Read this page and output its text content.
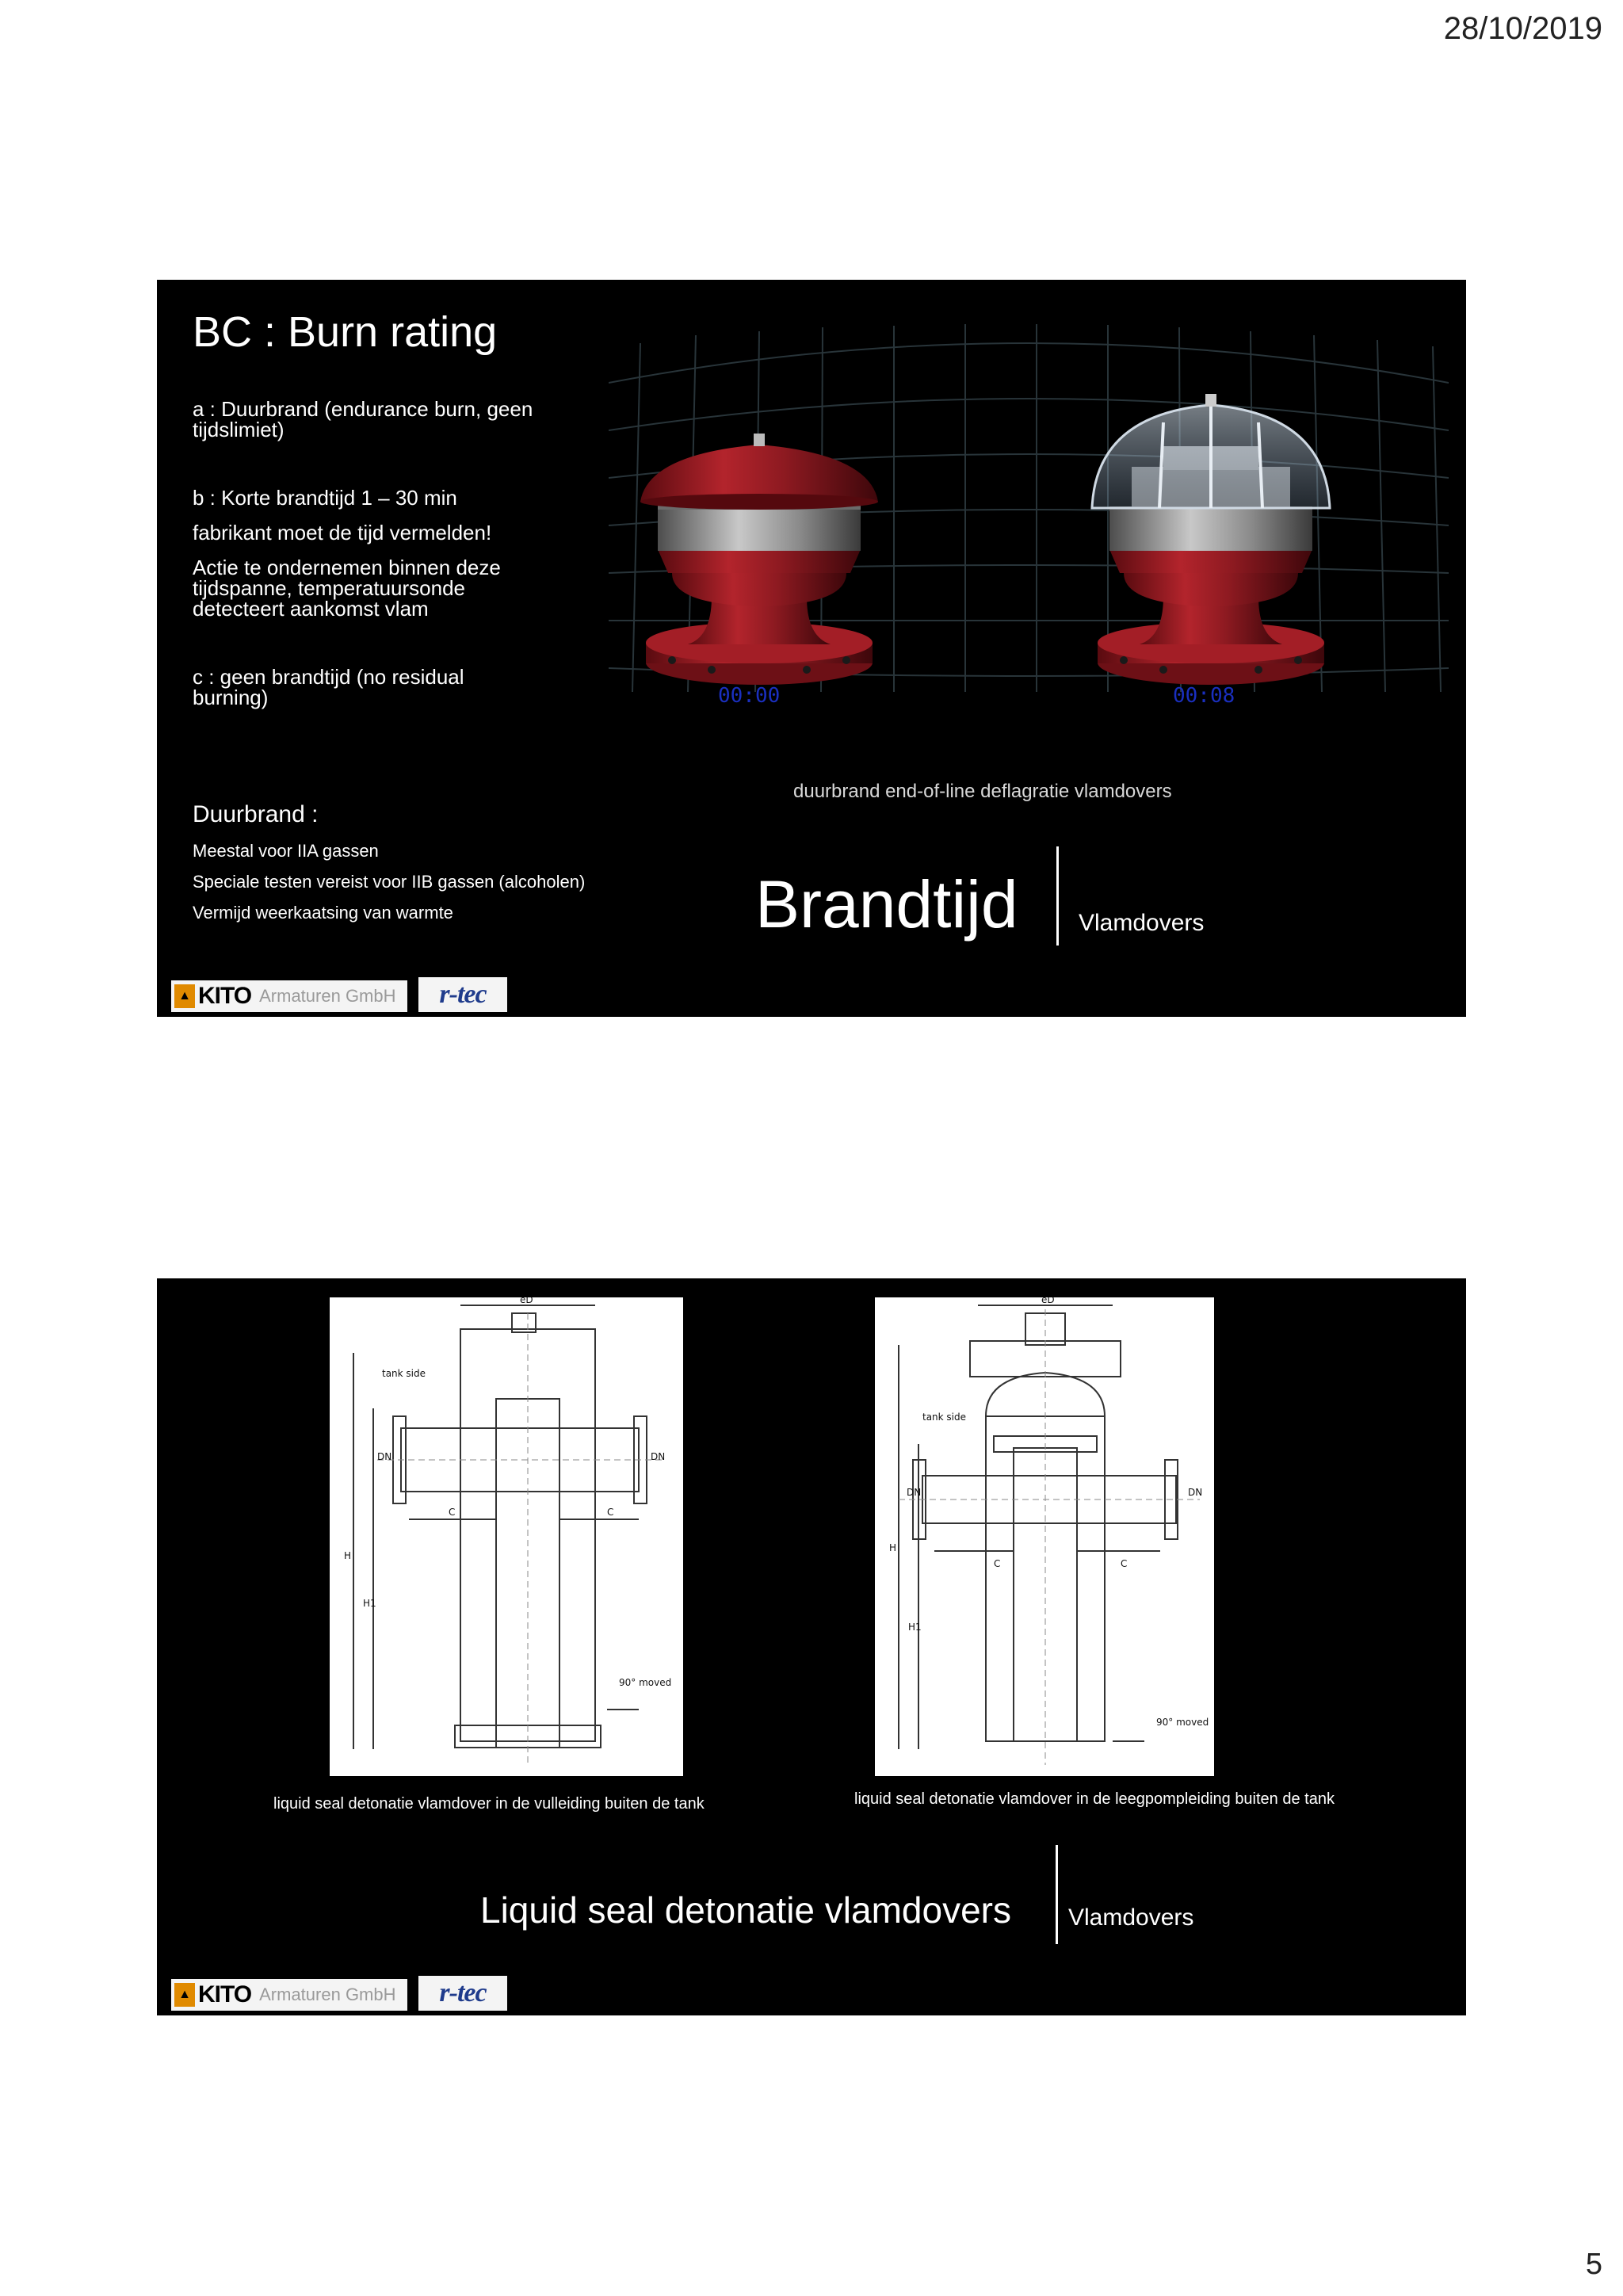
28/10/2019
BC : Burn rating
a : Duurbrand (endurance burn, geen
tijdslimiet)
b : Korte brandtijd 1 – 30 min
fabrikant moet de tijd vermelden!
Actie te ondernemen binnen deze
tijdspanne, temperatuursonde
detecteert aankomst vlam
c : geen brandtijd (no residual
burning)
Duurbrand :
Meestal voor IIA gassen
Speciale testen vereist voor IIB gassen (alcoholen)
Vermijd weerkaatsing van warmte
00:00	00:08
duurbrand end-of-line deflagratie vlamdovers
Brandtijd	Vlamdovers
▲ KITO Armaturen GmbH r-tec
eD
tank side
DN	DN
C	C
H
H1
90° moved
eD
tank side
DN	DN
C	C
H
H1
90° moved
liquid seal detonatie vlamdover in de vulleiding buiten de tank	liquid seal detonatie vlamdover in de leegpompleiding buiten de tank
Liquid seal detonatie vlamdovers Vlamdovers
▲ KITO Armaturen GmbH r-tec
5
